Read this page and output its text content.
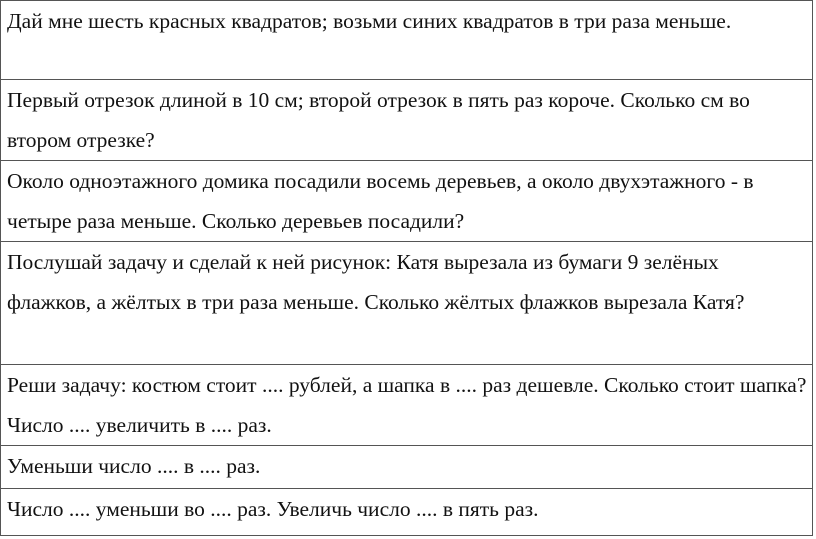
Дай мне шесть красных квадратов; возьми синих квадратов в три раза меньше.
Первый отрезок длиной в 10 см; второй отрезок в пять раз короче. Сколько см во втором отрезке?
Около одноэтажного домика посадили восемь деревьев, а около двухэтажного - в четыре раза меньше. Сколько деревьев посадили?
Послушай задачу и сделай к ней рисунок: Катя вырезала из бумаги 9 зелёных флажков, а жёлтых в три раза меньше. Сколько жёлтых флажков вырезала Катя?
Реши задачу: костюм стоит .... рублей, а шапка в .... раз дешевле. Сколько стоит шапка? Число .... увеличить в .... раз.
Уменьши число .... в .... раз.
Число .... уменьши во .... раз. Увеличь число .... в пять раз.
